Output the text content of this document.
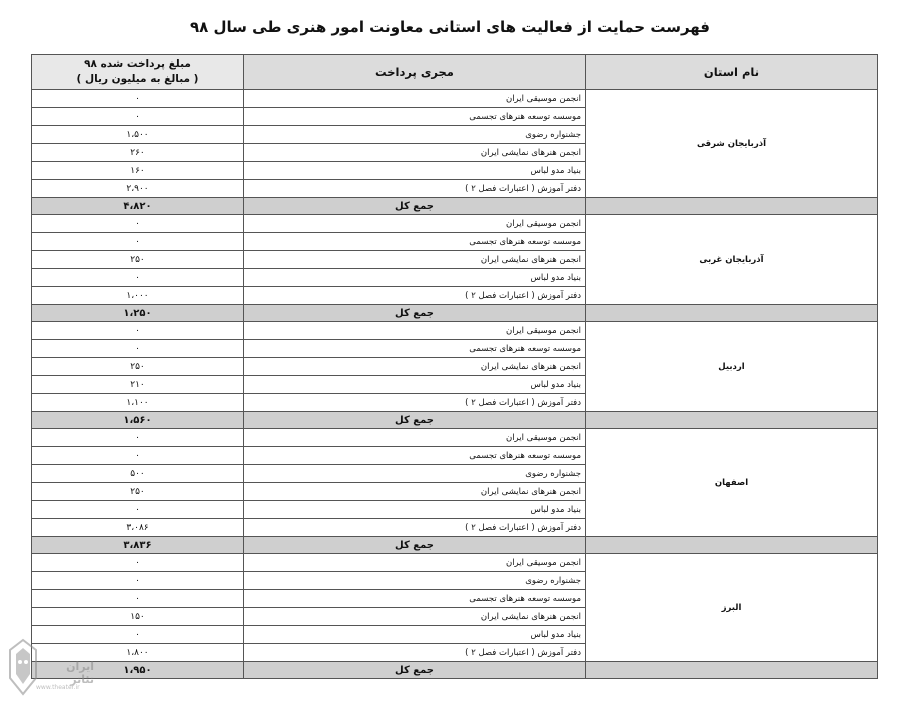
فهرست حمایت از فعالیت های استانی معاونت امور هنری طی سال ۹۸
نام استان	مجری پرداخت	مبلغ پرداخت شده ۹۸
( مبالغ به میلیون ریال )

آذربایجان شرقی	انجمن موسیقی ایران	۰
	موسسه توسعه هنرهای تجسمی	۰
	جشنواره رضوی	۱،۵۰۰
	انجمن هنرهای نمایشی ایران	۲۶۰
	بنیاد مدو لباس	۱۶۰
	دفتر آموزش ( اعتبارات فصل ۲ )	۲،۹۰۰
	جمع کل	۴،۸۲۰
آذربایجان غربی	انجمن موسیقی ایران	۰
	موسسه توسعه هنرهای تجسمی	۰
	انجمن هنرهای نمایشی ایران	۲۵۰
	بنیاد مدو لباس	۰
	دفتر آموزش ( اعتبارات فصل ۲ )	۱،۰۰۰
	جمع کل	۱،۲۵۰
اردبیل	انجمن موسیقی ایران	۰
	موسسه توسعه هنرهای تجسمی	۰
	انجمن هنرهای نمایشی ایران	۲۵۰
	بنیاد مدو لباس	۲۱۰
	دفتر آموزش ( اعتبارات فصل ۲ )	۱،۱۰۰
	جمع کل	۱،۵۶۰
اصفهان	انجمن موسیقی ایران	۰
	موسسه توسعه هنرهای تجسمی	۰
	جشنواره رضوی	۵۰۰
	انجمن هنرهای نمایشی ایران	۲۵۰
	بنیاد مدو لباس	۰
	دفتر آموزش ( اعتبارات فصل ۲ )	۳،۰۸۶
	جمع کل	۳،۸۳۶
البرز	انجمن موسیقی ایران	۰
	جشنواره رضوی	۰
	موسسه توسعه هنرهای تجسمی	۰
	انجمن هنرهای نمایشی ایران	۱۵۰
	بنیاد مدو لباس	۰
	دفتر آموزش ( اعتبارات فصل ۲ )	۱،۸۰۰
	جمع کل	۱،۹۵۰
ایران تئاتر
www.theater.ir
